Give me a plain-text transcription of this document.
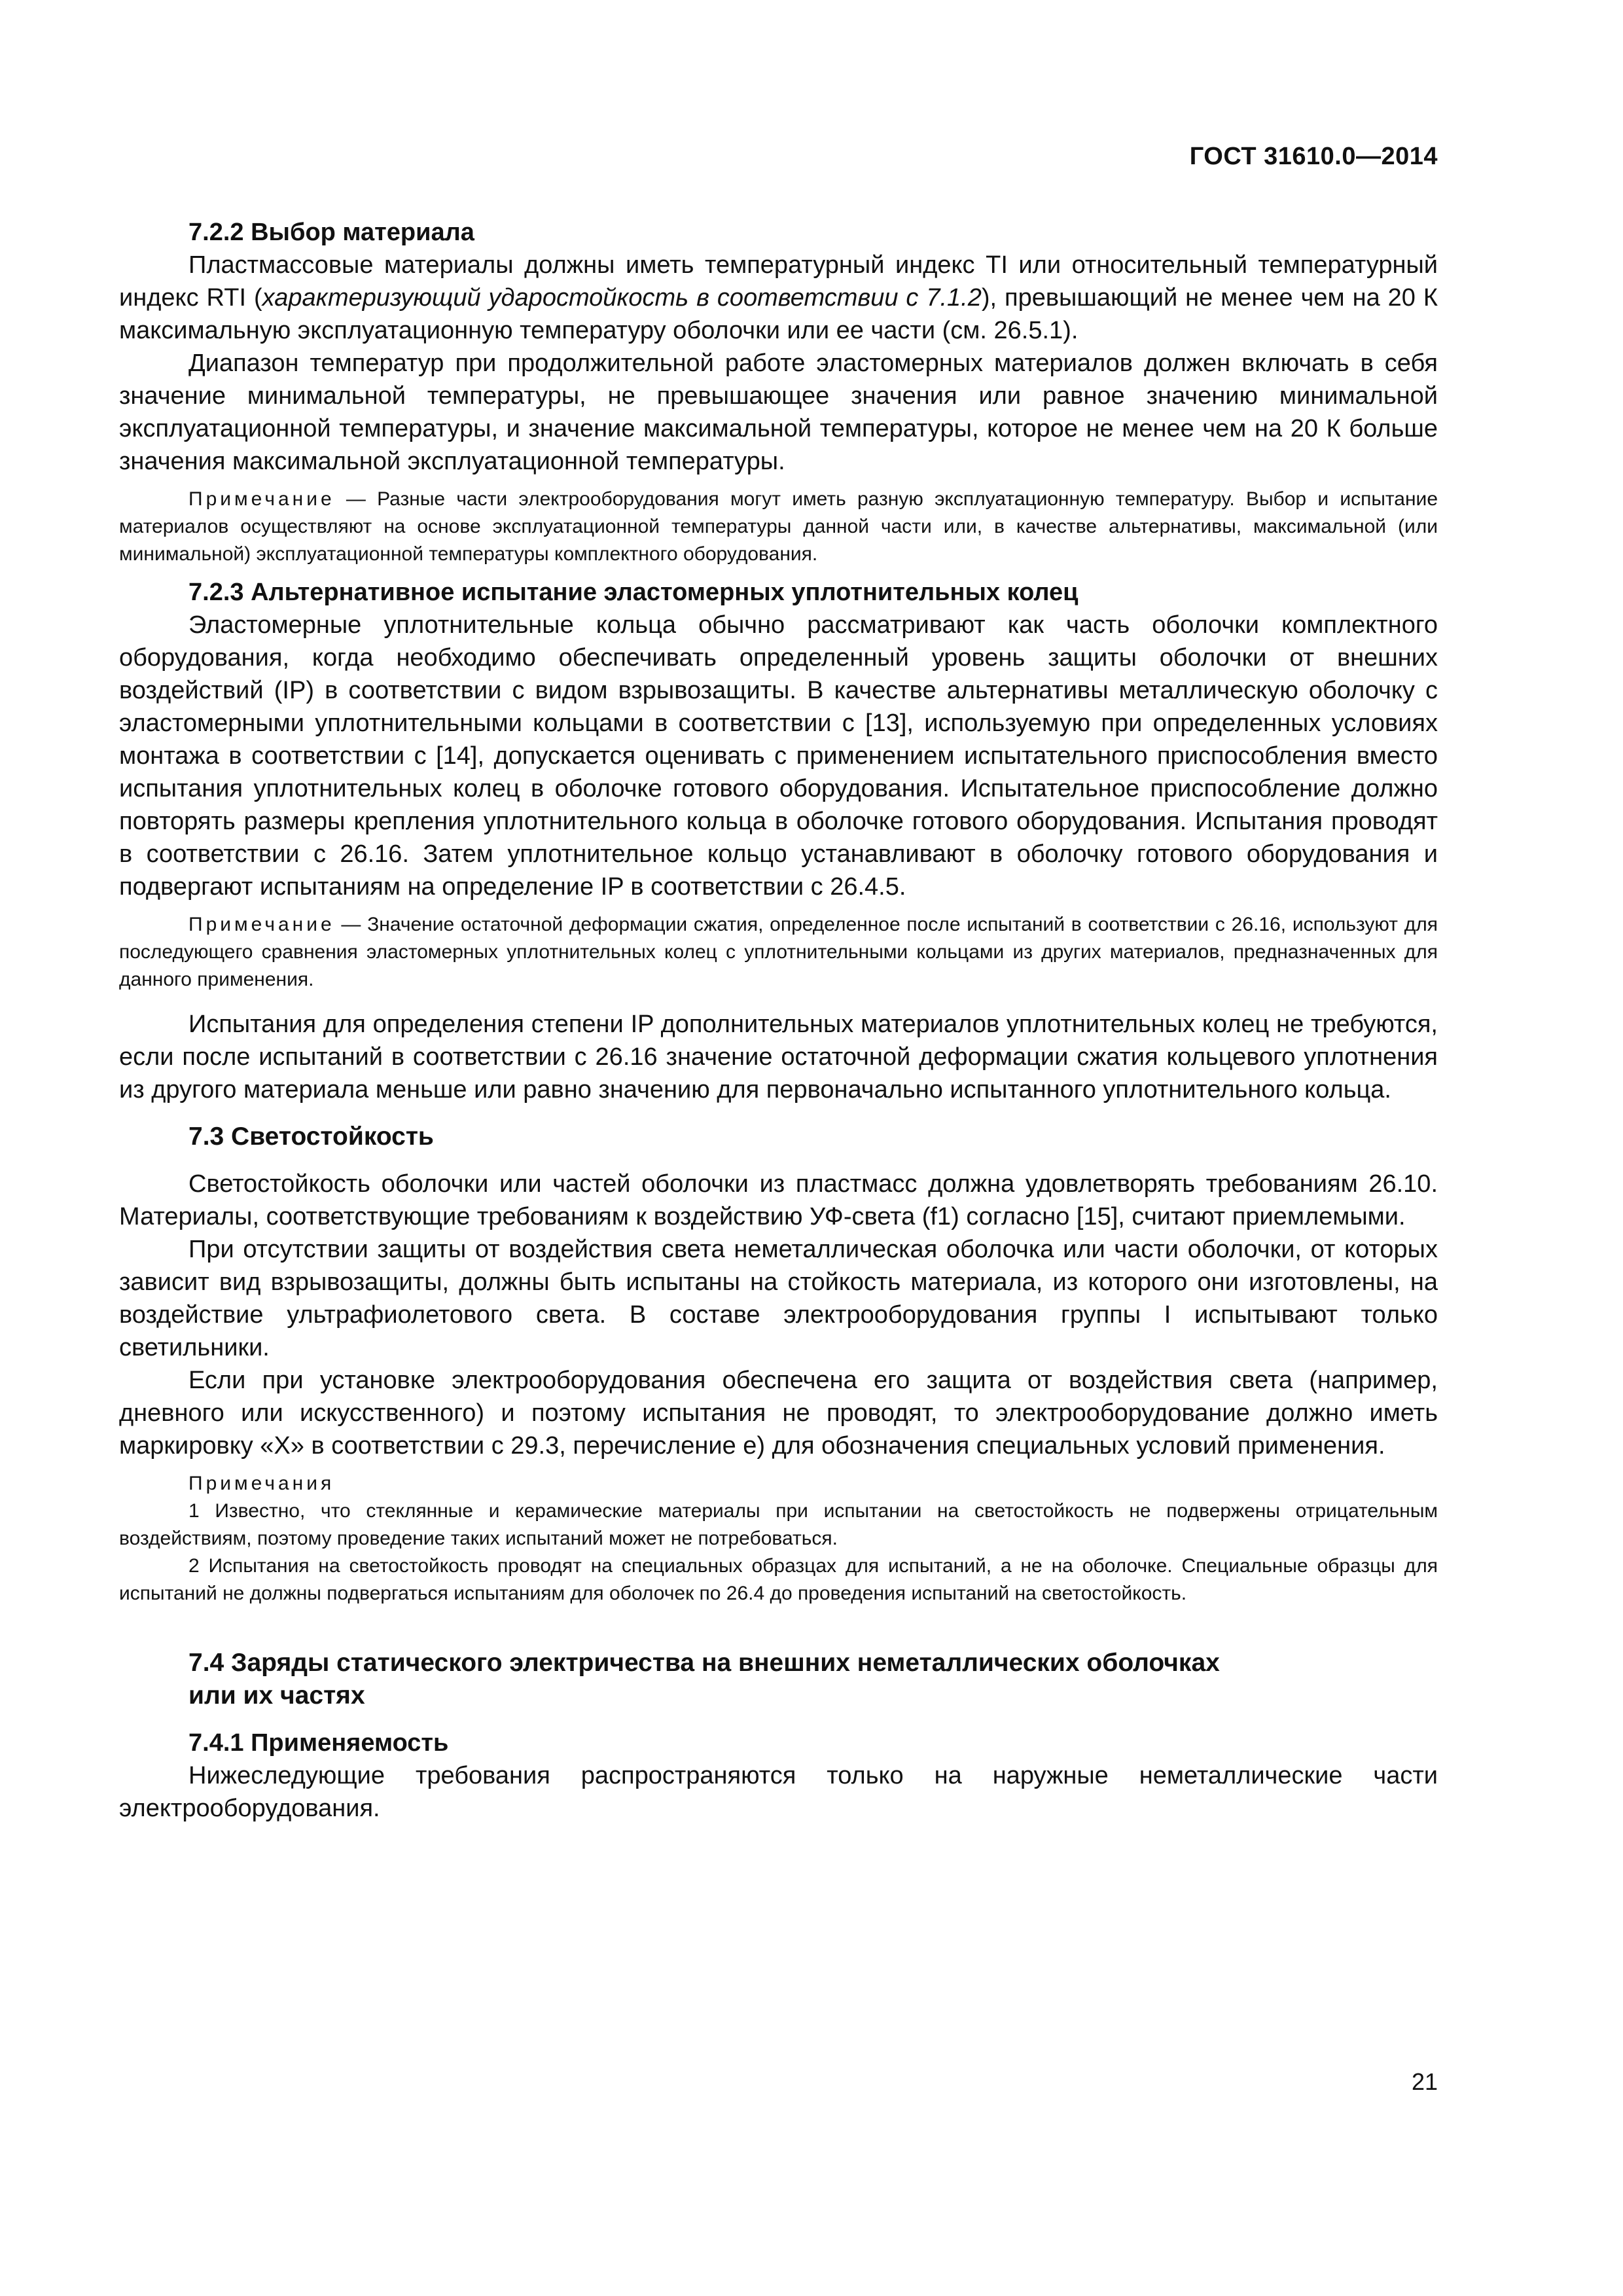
ГОСТ 31610.0—2014

7.2.2 Выбор материала

Пластмассовые материалы должны иметь температурный индекс TI или относительный температурный индекс RTI (характеризующий ударостойкость в соответствии с 7.1.2), превышающий не менее чем на 20 К максимальную эксплуатационную температуру оболочки или ее части (см. 26.5.1).

Диапазон температур при продолжительной работе эластомерных материалов должен включать в себя значение минимальной температуры, не превышающее значения или равное значению минимальной эксплуатационной температуры, и значение максимальной температуры, которое не менее чем на 20 К больше значения максимальной эксплуатационной температуры.

Примечание — Разные части электрооборудования могут иметь разную эксплуатационную температуру. Выбор и испытание материалов осуществляют на основе эксплуатационной температуры данной части или, в качестве альтернативы, максимальной (или минимальной) эксплуатационной температуры комплектного оборудования.

7.2.3 Альтернативное испытание эластомерных уплотнительных колец

Эластомерные уплотнительные кольца обычно рассматривают как часть оболочки комплектного оборудования, когда необходимо обеспечивать определенный уровень защиты оболочки от внешних воздействий (IP) в соответствии с видом взрывозащиты. В качестве альтернативы металлическую оболочку с эластомерными уплотнительными кольцами в соответствии с [13], используемую при определенных условиях монтажа в соответствии с [14], допускается оценивать с применением испытательного приспособления вместо испытания уплотнительных колец в оболочке готового оборудования. Испытательное приспособление должно повторять размеры крепления уплотнительного кольца в оболочке готового оборудования. Испытания проводят в соответствии с 26.16. Затем уплотнительное кольцо устанавливают в оболочку готового оборудования и подвергают испытаниям на определение IP в соответствии с 26.4.5.

Примечание — Значение остаточной деформации сжатия, определенное после испытаний в соответствии с 26.16, используют для последующего сравнения эластомерных уплотнительных колец с уплотнительными кольцами из других материалов, предназначенных для данного применения.

Испытания для определения степени IP дополнительных материалов уплотнительных колец не требуются, если после испытаний в соответствии с 26.16 значение остаточной деформации сжатия кольцевого уплотнения из другого материала меньше или равно значению для первоначально испытанного уплотнительного кольца.

7.3 Светостойкость

Светостойкость оболочки или частей оболочки из пластмасс должна удовлетворять требованиям 26.10. Материалы, соответствующие требованиям к воздействию УФ-света (f1) согласно [15], считают приемлемыми.

При отсутствии защиты от воздействия света неметаллическая оболочка или части оболочки, от которых зависит вид взрывозащиты, должны быть испытаны на стойкость материала, из которого они изготовлены, на воздействие ультрафиолетового света. В составе электрооборудования группы I испытывают только светильники.

Если при установке электрооборудования обеспечена его защита от воздействия света (например, дневного или искусственного) и поэтому испытания не проводят, то электрооборудование должно иметь маркировку «X» в соответствии с 29.3, перечисление е) для обозначения специальных условий применения.

Примечания

1 Известно, что стеклянные и керамические материалы при испытании на светостойкость не подвержены отрицательным воздействиям, поэтому проведение таких испытаний может не потребоваться.

2 Испытания на светостойкость проводят на специальных образцах для испытаний, а не на оболочке. Специальные образцы для испытаний не должны подвергаться испытаниям для оболочек по 26.4 до проведения испытаний на светостойкость.

7.4 Заряды статического электричества на внешних неметаллических оболочках
или их частях

7.4.1 Применяемость

Нижеследующие требования распространяются только на наружные неметаллические части электрооборудования.

21
